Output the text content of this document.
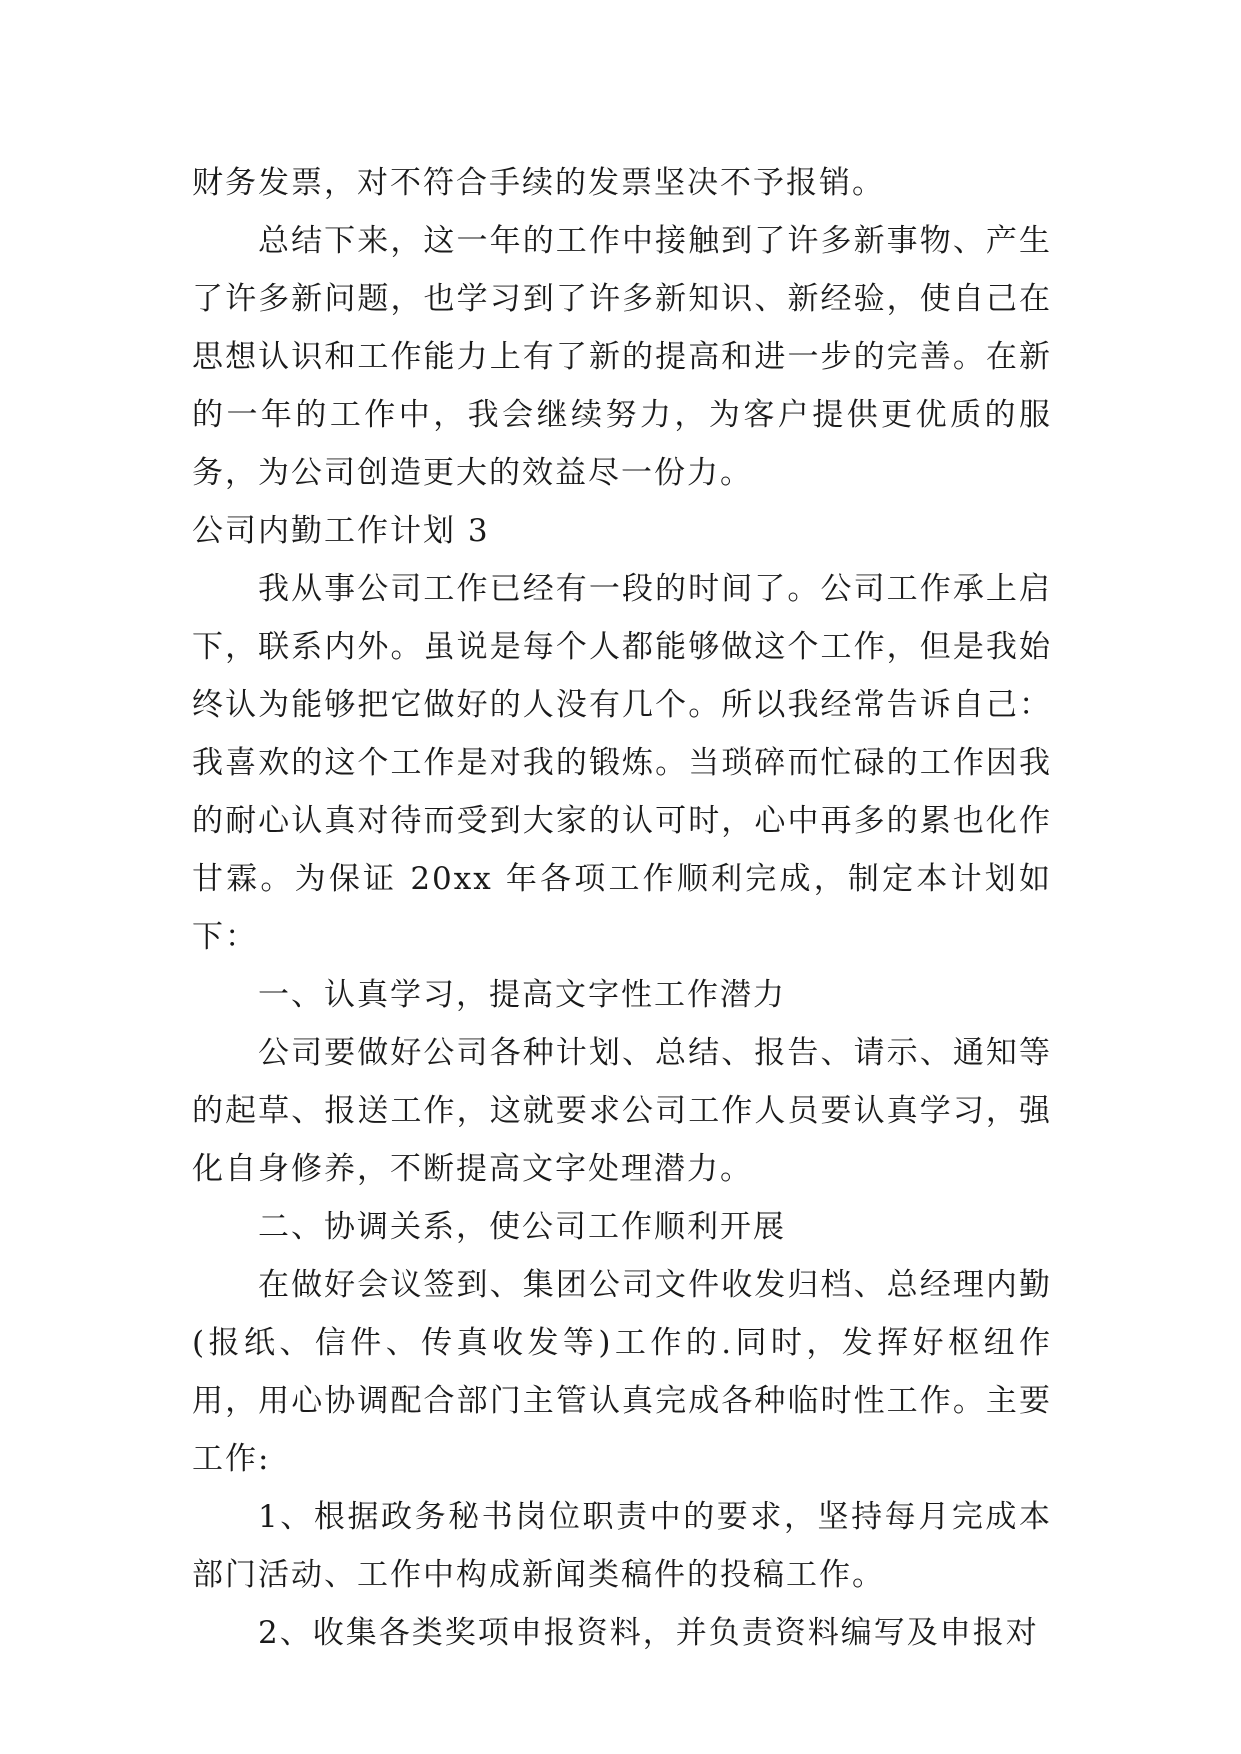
财务发票，对不符合手续的发票坚决不予报销。

总结下来，这一年的工作中接触到了许多新事物、产生了许多新问题，也学习到了许多新知识、新经验，使自己在思想认识和工作能力上有了新的提高和进一步的完善。在新的一年的工作中，我会继续努力，为客户提供更优质的服务，为公司创造更大的效益尽一份力。

公司内勤工作计划 3

我从事公司工作已经有一段的时间了。公司工作承上启下，联系内外。虽说是每个人都能够做这个工作，但是我始终认为能够把它做好的人没有几个。所以我经常告诉自己：我喜欢的这个工作是对我的锻炼。当琐碎而忙碌的工作因我的耐心认真对待而受到大家的认可时，心中再多的累也化作甘霖。为保证 20xx 年各项工作顺利完成，制定本计划如下：

一、认真学习，提高文字性工作潜力

公司要做好公司各种计划、总结、报告、请示、通知等的起草、报送工作，这就要求公司工作人员要认真学习，强化自身修养，不断提高文字处理潜力。

二、协调关系，使公司工作顺利开展

在做好会议签到、集团公司文件收发归档、总经理内勤(报纸、信件、传真收发等)工作的.同时，发挥好枢纽作用，用心协调配合部门主管认真完成各种临时性工作。主要工作:

1、根据政务秘书岗位职责中的要求，坚持每月完成本部门活动、工作中构成新闻类稿件的投稿工作。

2、收集各类奖项申报资料，并负责资料编写及申报对
